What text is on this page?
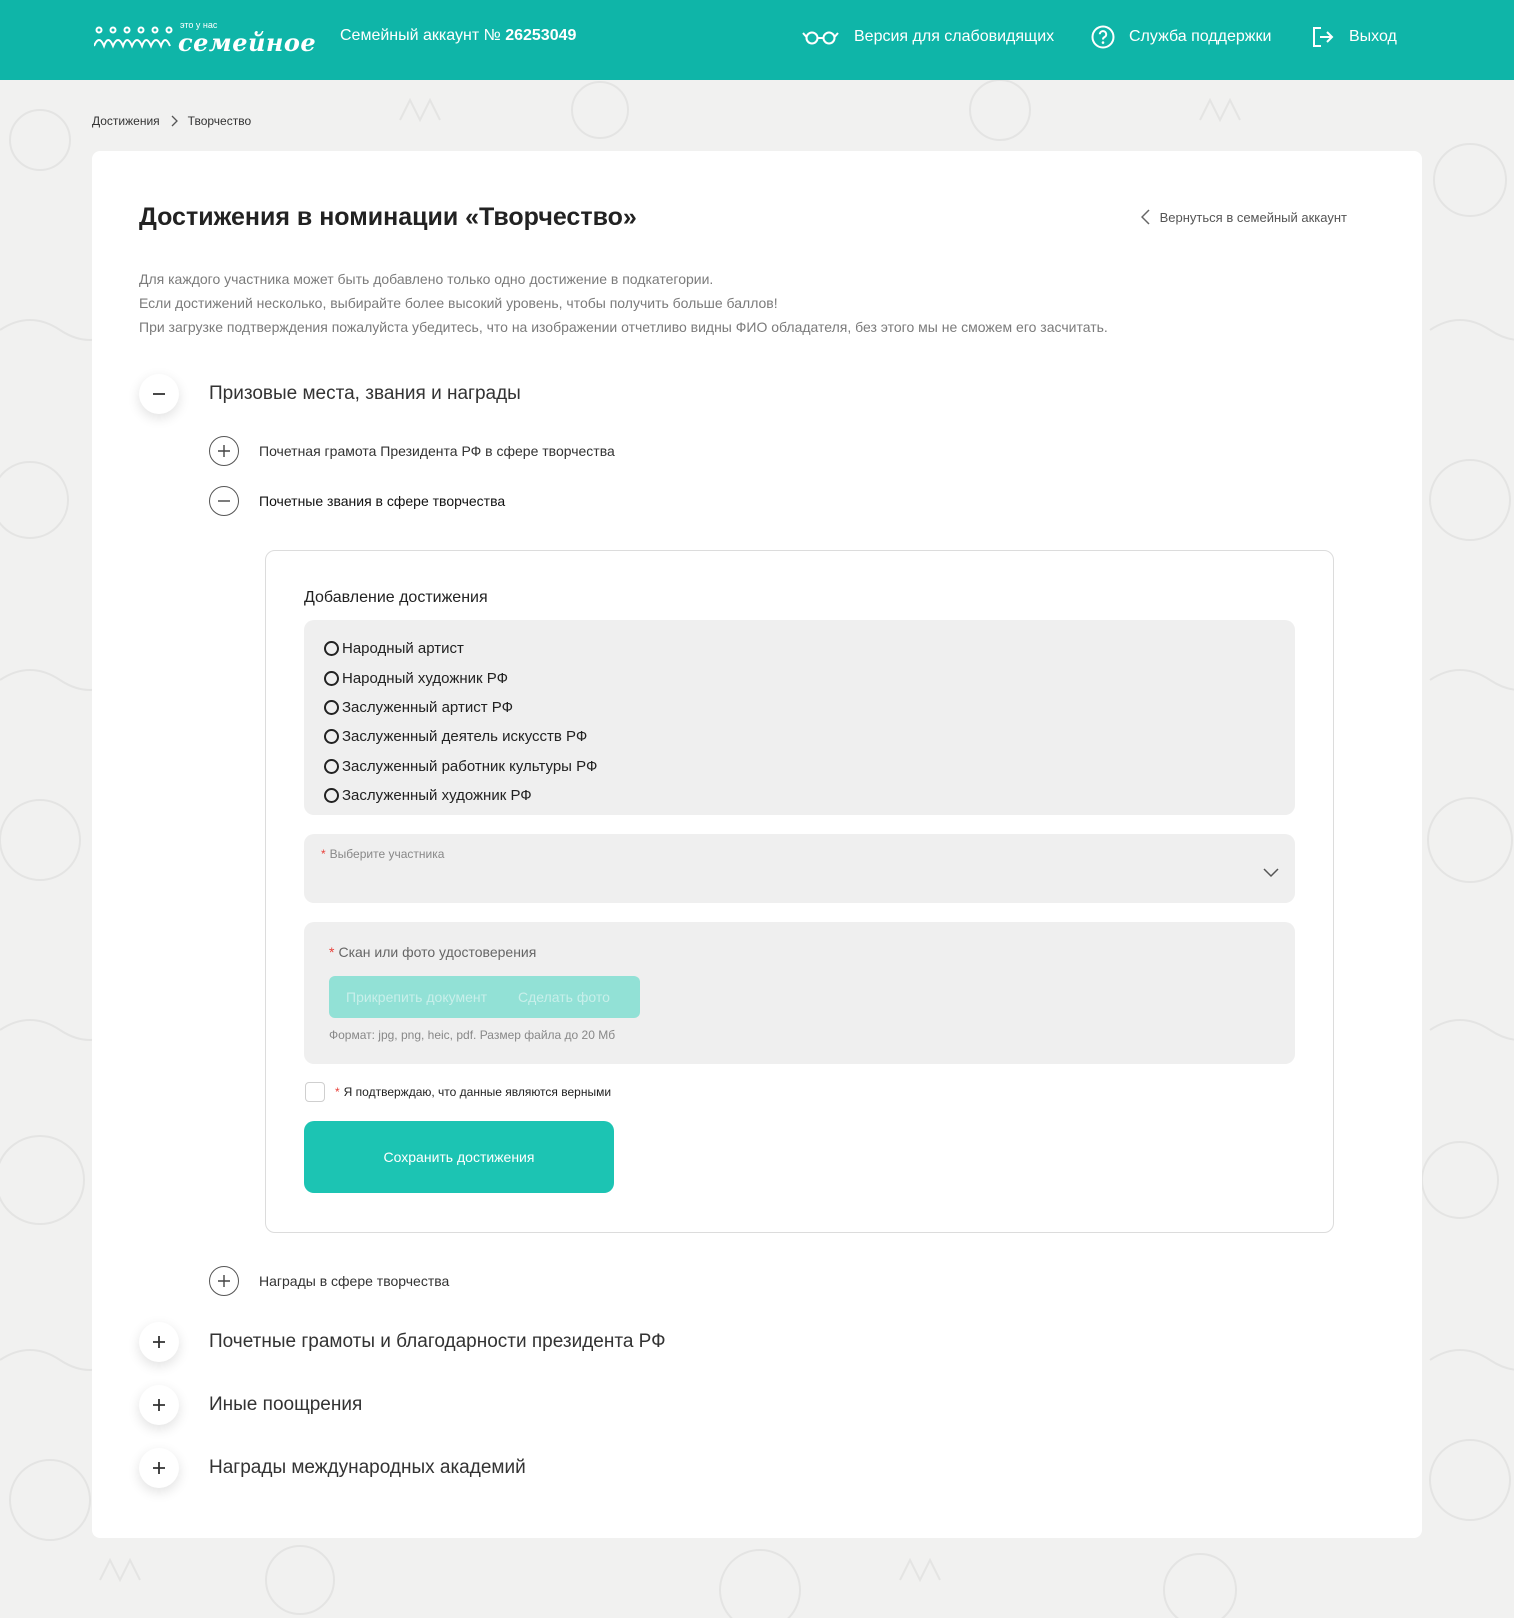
это у нас
семейное Семейный аккаунт № 26253049	Версия для слабовидящих	Служба поддержки	Выход
Достижения Творчество
Достижения в номинации «Творчество»	Вернуться в семейный аккаунт

Для каждого участника может быть добавлено только одно достижение в подкатегории.

Если достижений несколько, выбирайте более высокий уровень, чтобы получить больше баллов!

При загрузке подтверждения пожалуйста убедитесь, что на изображении отчетливо видны ФИО обладателя, без этого мы не сможем его засчитать.

Призовые места, звания и награды
Почетная грамота Президента РФ в сфере творчества
Почетные звания в сфере творчества
Добавление достижения
Народный артист
Народный художник РФ
Заслуженный артист РФ
Заслуженный деятель искусств РФ
Заслуженный работник культуры РФ
Заслуженный художник РФ
* Выберите участника
* Скан или фото удостоверения
Прикрепить документ Сделать фото
Формат: jpg, png, heic, pdf. Размер файла до 20 Мб
* Я подтверждаю, что данные являются верными
Сохранить достижения
Награды в сфере творчества
Почетные грамоты и благодарности президента РФ
Иные поощрения
Награды международных академий
